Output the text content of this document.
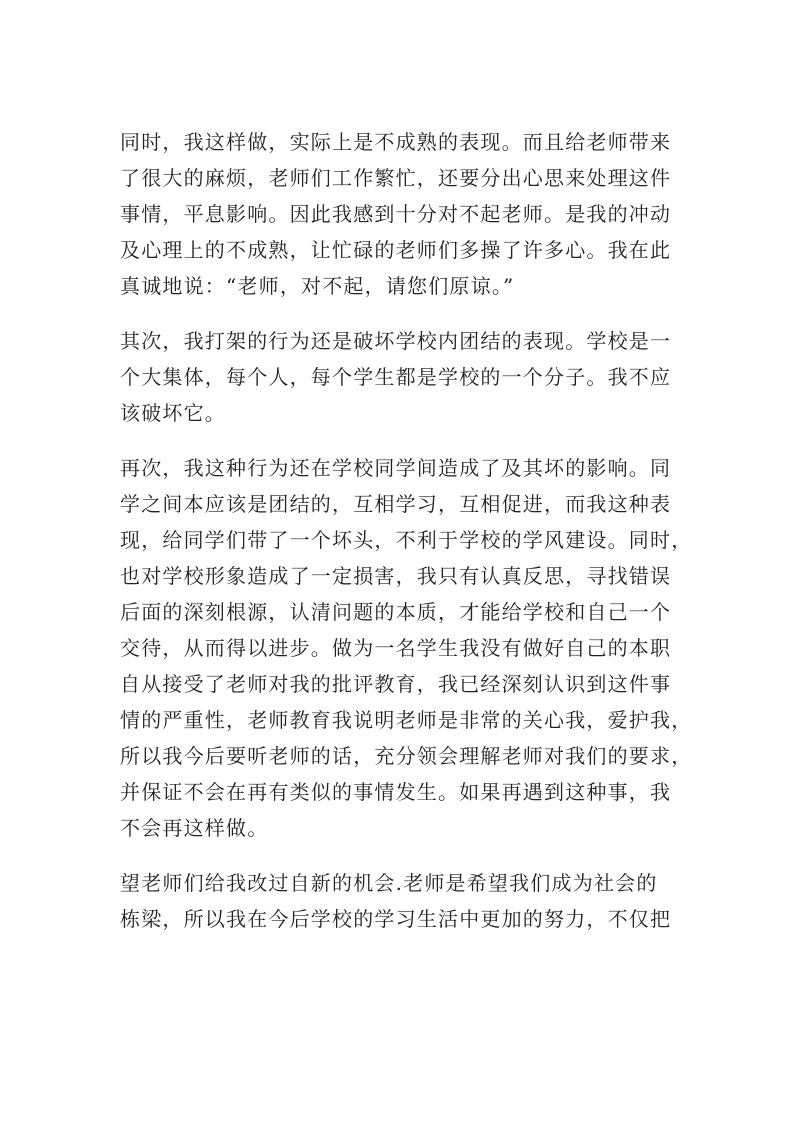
同时，我这样做，实际上是不成熟的表现。而且给老师带来
了很大的麻烦，老师们工作繁忙，还要分出心思来处理这件
事情，平息影响。因此我感到十分对不起老师。是我的冲动
及心理上的不成熟，让忙碌的老师们多操了许多心。我在此
真诚地说：“老师，对不起，请您们原谅。”
其次，我打架的行为还是破坏学校内团结的表现。学校是一
个大集体，每个人，每个学生都是学校的一个分子。我不应
该破坏它。
再次，我这种行为还在学校同学间造成了及其坏的影响。同
学之间本应该是团结的，互相学习，互相促进，而我这种表
现，给同学们带了一个坏头，不利于学校的学风建设。同时，
也对学校形象造成了一定损害，我只有认真反思，寻找错误
后面的深刻根源，认清问题的本质，才能给学校和自己一个
交待，从而得以进步。做为一名学生我没有做好自己的本职
自从接受了老师对我的批评教育，我已经深刻认识到这件事
情的严重性，老师教育我说明老师是非常的关心我，爱护我，
所以我今后要听老师的话，充分领会理解老师对我们的要求，
并保证不会在再有类似的事情发生。如果再遇到这种事，我
不会再这样做。
望老师们给我改过自新的机会.老师是希望我们成为社会的
栋梁，所以我在今后学校的学习生活中更加的努力，不仅把
